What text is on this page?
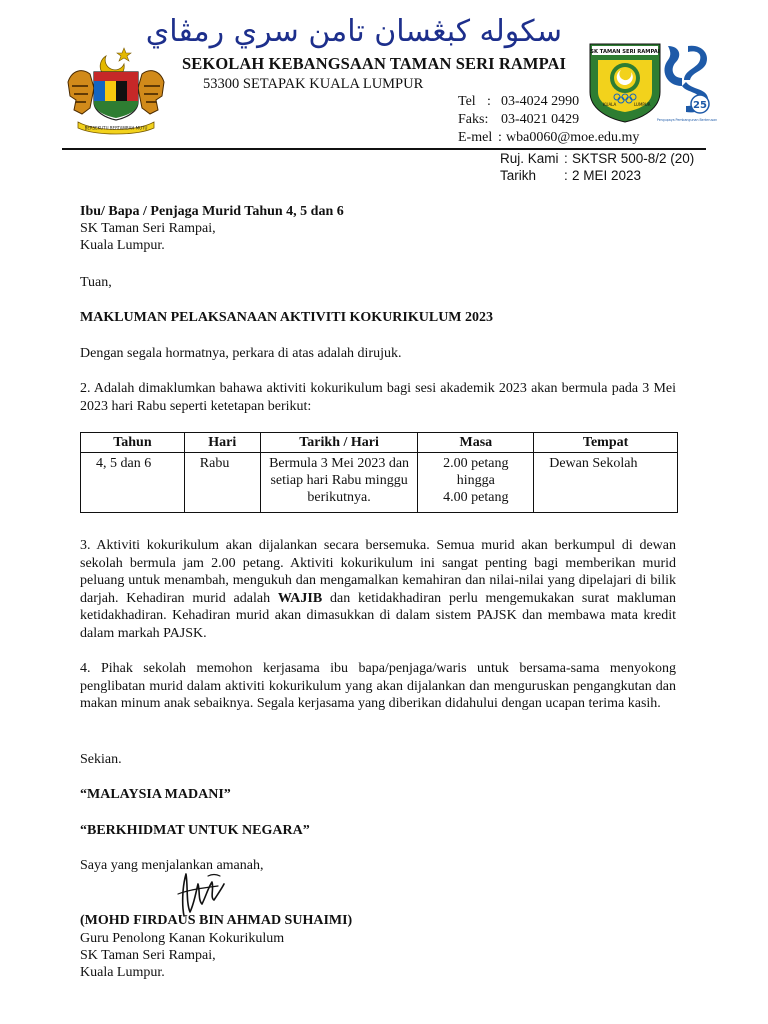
BERSEKUTU BERTAMBAH MUTU
سکوله کبڠسان تامن سري رمڤاي
SEKOLAH KEBANGSAAN TAMAN SERI RAMPAI
53300 SETAPAK KUALA LUMPUR
Tel : 03-4024 2990
Faks: 03-4021 0429
E-mel : wba0060@moe.edu.my
SK TAMAN SERI RAMPAI
KUALA	LUMPUR	25
Pengupaya Pembangunan Berterusan
Ruj. Kami : SKTSR 500-8/2 (20)
Tarikh : 2 MEI 2023
Ibu/ Bapa / Penjaga Murid Tahun 4, 5 dan 6
SK Taman Seri Rampai,
Kuala Lumpur.
Tuan,
MAKLUMAN PELAKSANAAN AKTIVITI KOKURIKULUM 2023
Dengan segala hormatnya, perkara di atas adalah dirujuk.
2. Adalah dimaklumkan bahawa aktiviti kokurikulum bagi sesi akademik 2023 akan bermula pada 3 Mei 2023 hari Rabu seperti ketetapan berikut:
Tahun	Hari	Tarikh / Hari	Masa	Tempat
4, 5 dan 6	Rabu	Bermula 3 Mei 2023 dan setiap hari Rabu minggu berikutnya.	2.00 petang
hingga
4.00 petang	Dewan Sekolah
3. Aktiviti kokurikulum akan dijalankan secara bersemuka. Semua murid akan berkumpul di dewan sekolah bermula jam 2.00 petang. Aktiviti kokurikulum ini sangat penting bagi memberikan murid peluang untuk menambah, mengukuh dan mengamalkan kemahiran dan nilai-nilai yang dipelajari di bilik darjah. Kehadiran murid adalah WAJIB dan ketidakhadiran perlu mengemukakan surat makluman ketidakhadiran. Kehadiran murid akan dimasukkan di dalam sistem PAJSK dan membawa mata kredit dalam markah PAJSK.
4. Pihak sekolah memohon kerjasama ibu bapa/penjaga/waris untuk bersama-sama menyokong penglibatan murid dalam aktiviti kokurikulum yang akan dijalankan dan menguruskan pengangkutan dan makan minum anak sebaiknya. Segala kerjasama yang diberikan didahului dengan ucapan terima kasih.
Sekian.
“MALAYSIA MADANI”
“BERKHIDMAT UNTUK NEGARA”
Saya yang menjalankan amanah,
(MOHD FIRDAUS BIN AHMAD SUHAIMI)
Guru Penolong Kanan Kokurikulum
SK Taman Seri Rampai,
Kuala Lumpur.
